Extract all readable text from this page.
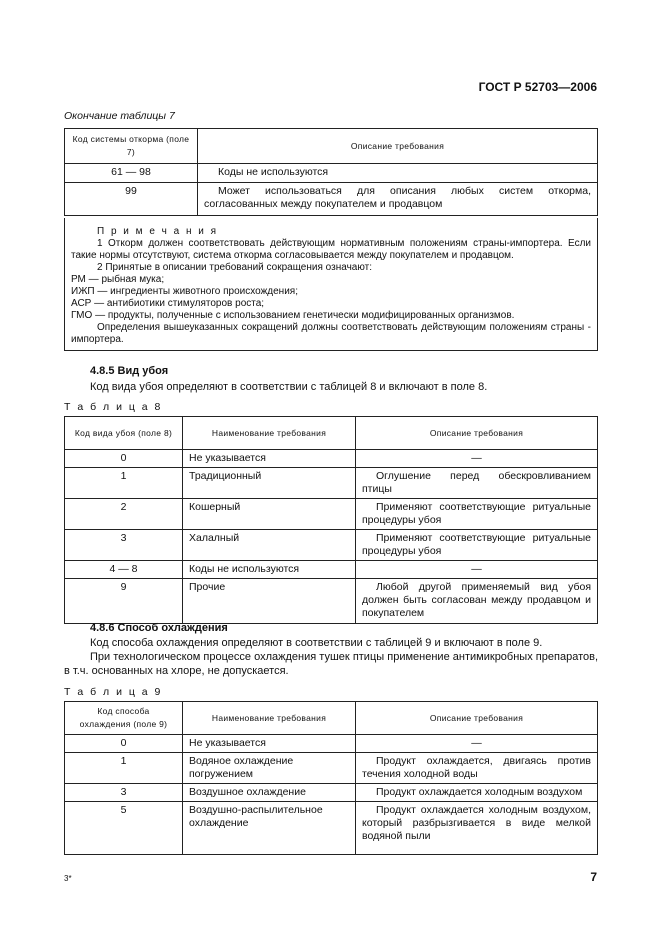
ГОСТ Р 52703—2006
Окончание таблицы 7
Код системы откорма (поле 7)	Описание требования
61 — 98	Коды не используются
99	Может использоваться для описания любых систем откорма, согласованных между покупателем и продавцом

П р и м е ч а н и я

1 Откорм должен соответствовать действующим нормативным положениям страны-импортера. Если такие нормы отсутствуют, система откорма согласовывается между покупателем и продавцом.

2 Принятые в описании требований сокращения означают:

РМ — рыбная мука;

ИЖП — ингредиенты животного происхождения;

АСР — антибиотики стимуляторов роста;

ГМО — продукты, полученные с использованием генетически модифицированных организмов.

Определения вышеуказанных сокращений должны соответствовать действующим положениям страны - импортера.

4.8.5 Вид убоя
Код вида убоя определяют в соответствии с таблицей 8 и включают в поле 8.
Т а б л и ц а 8
Код вида убоя (поле 8)	Наименование требования	Описание требования
0	Не указывается	—
1	Традиционный	Оглушение перед обескровливанием птицы
2	Кошерный	Применяют соответствующие ритуальные процедуры убоя
3	Халалный	Применяют соответствующие ритуальные процедуры убоя
4 — 8	Коды не используются	—
9	Прочие	Любой другой применяемый вид убоя должен быть согласован между продавцом и покупателем
4.8.6 Способ охлаждения
Код способа охлаждения определяют в соответствии с таблицей 9 и включают в поле 9.
При технологическом процессе охлаждения тушек птицы применение антимикробных препаратов, в т.ч. основанных на хлоре, не допускается.
Т а б л и ц а 9
Код способа охлаждения (поле 9)	Наименование требования	Описание требования
0	Не указывается	—
1	Водяное охлаждение погружением	Продукт охлаждается, двигаясь против течения холодной воды
3	Воздушное охлаждение	Продукт охлаждается холодным воздухом
5	Воздушно-распылительное охлаждение	Продукт охлаждается холодным воздухом, который разбрызгивается в виде мелкой водяной пыли
3*	7
